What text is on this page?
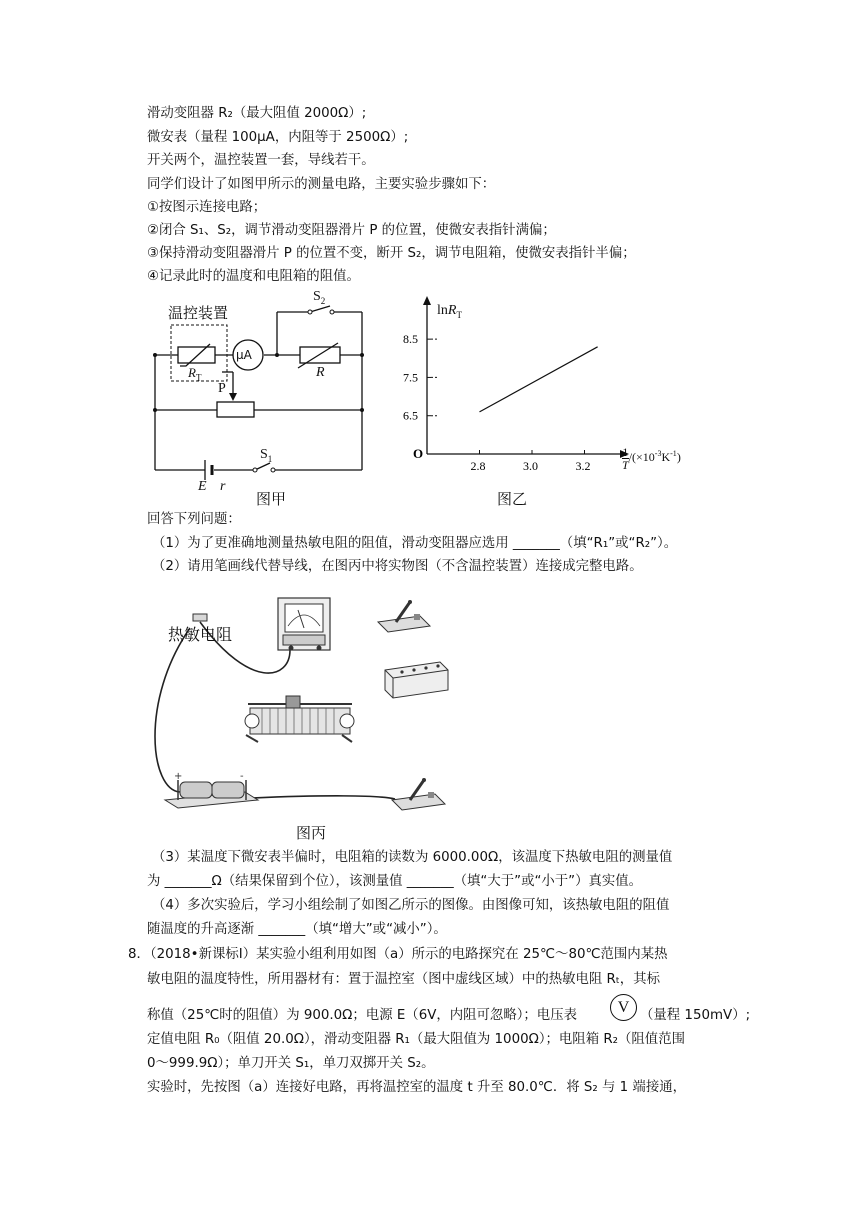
滑动变阻器 R₂（最大阻值 2000Ω）;
微安表（量程 100μA，内阻等于 2500Ω）;
开关两个，温控装置一套，导线若干。
同学们设计了如图甲所示的测量电路，主要实验步骤如下：
①按图示连接电路；
②闭合 S₁、S₂，调节滑动变阻器滑片 P 的位置，使微安表指针满偏；
③保持滑动变阻器滑片 P 的位置不变，断开 S₂，调节电阻箱，使微安表指针半偏；
④记录此时的温度和电阻箱的阻值。
温控装置
μA
$R_T$	R
$S_2$
P
$S_1$
E r
图甲
O
2.8	3.0	3.2
8.5
7.5
6.5
lnR$_T$
$\frac{1}{T}/(\times 10^{-3}K^{-1})$
图乙
回答下列问题：
（1）为了更准确地测量热敏电阻的阻值，滑动变阻器应选用 _______（填“R₁”或“R₂”）。
（2）请用笔画线代替导线，在图丙中将实物图（不含温控装置）连接成完整电路。
+	-
热敏电阻
图丙
（3）某温度下微安表半偏时，电阻箱的读数为 6000.00Ω，该温度下热敏电阻的测量值
为 _______Ω（结果保留到个位），该测量值 _______（填“大于”或“小于”）真实值。
（4）多次实验后，学习小组绘制了如图乙所示的图像。由图像可知，该热敏电阻的阻值
随温度的升高逐渐 _______（填“增大”或“减小”）。
8．（2018•新课标Ⅰ）某实验小组利用如图（a）所示的电路探究在 25℃～80℃范围内某热
敏电阻的温度特性，所用器材有：置于温控室（图中虚线区域）中的热敏电阻 Rₜ，其标
称值（25℃时的阻值）为 900.0Ω；电源 E（6V，内阻可忽略）；电压表	V （量程 150mV）;
定值电阻 R₀（阻值 20.0Ω），滑动变阻器 R₁（最大阻值为 1000Ω）；电阻箱 R₂（阻值范围
0～999.9Ω）；单刀开关 S₁，单刀双掷开关 S₂。
实验时，先按图（a）连接好电路，再将温控室的温度 t 升至 80.0℃．将 S₂ 与 1 端接通，
